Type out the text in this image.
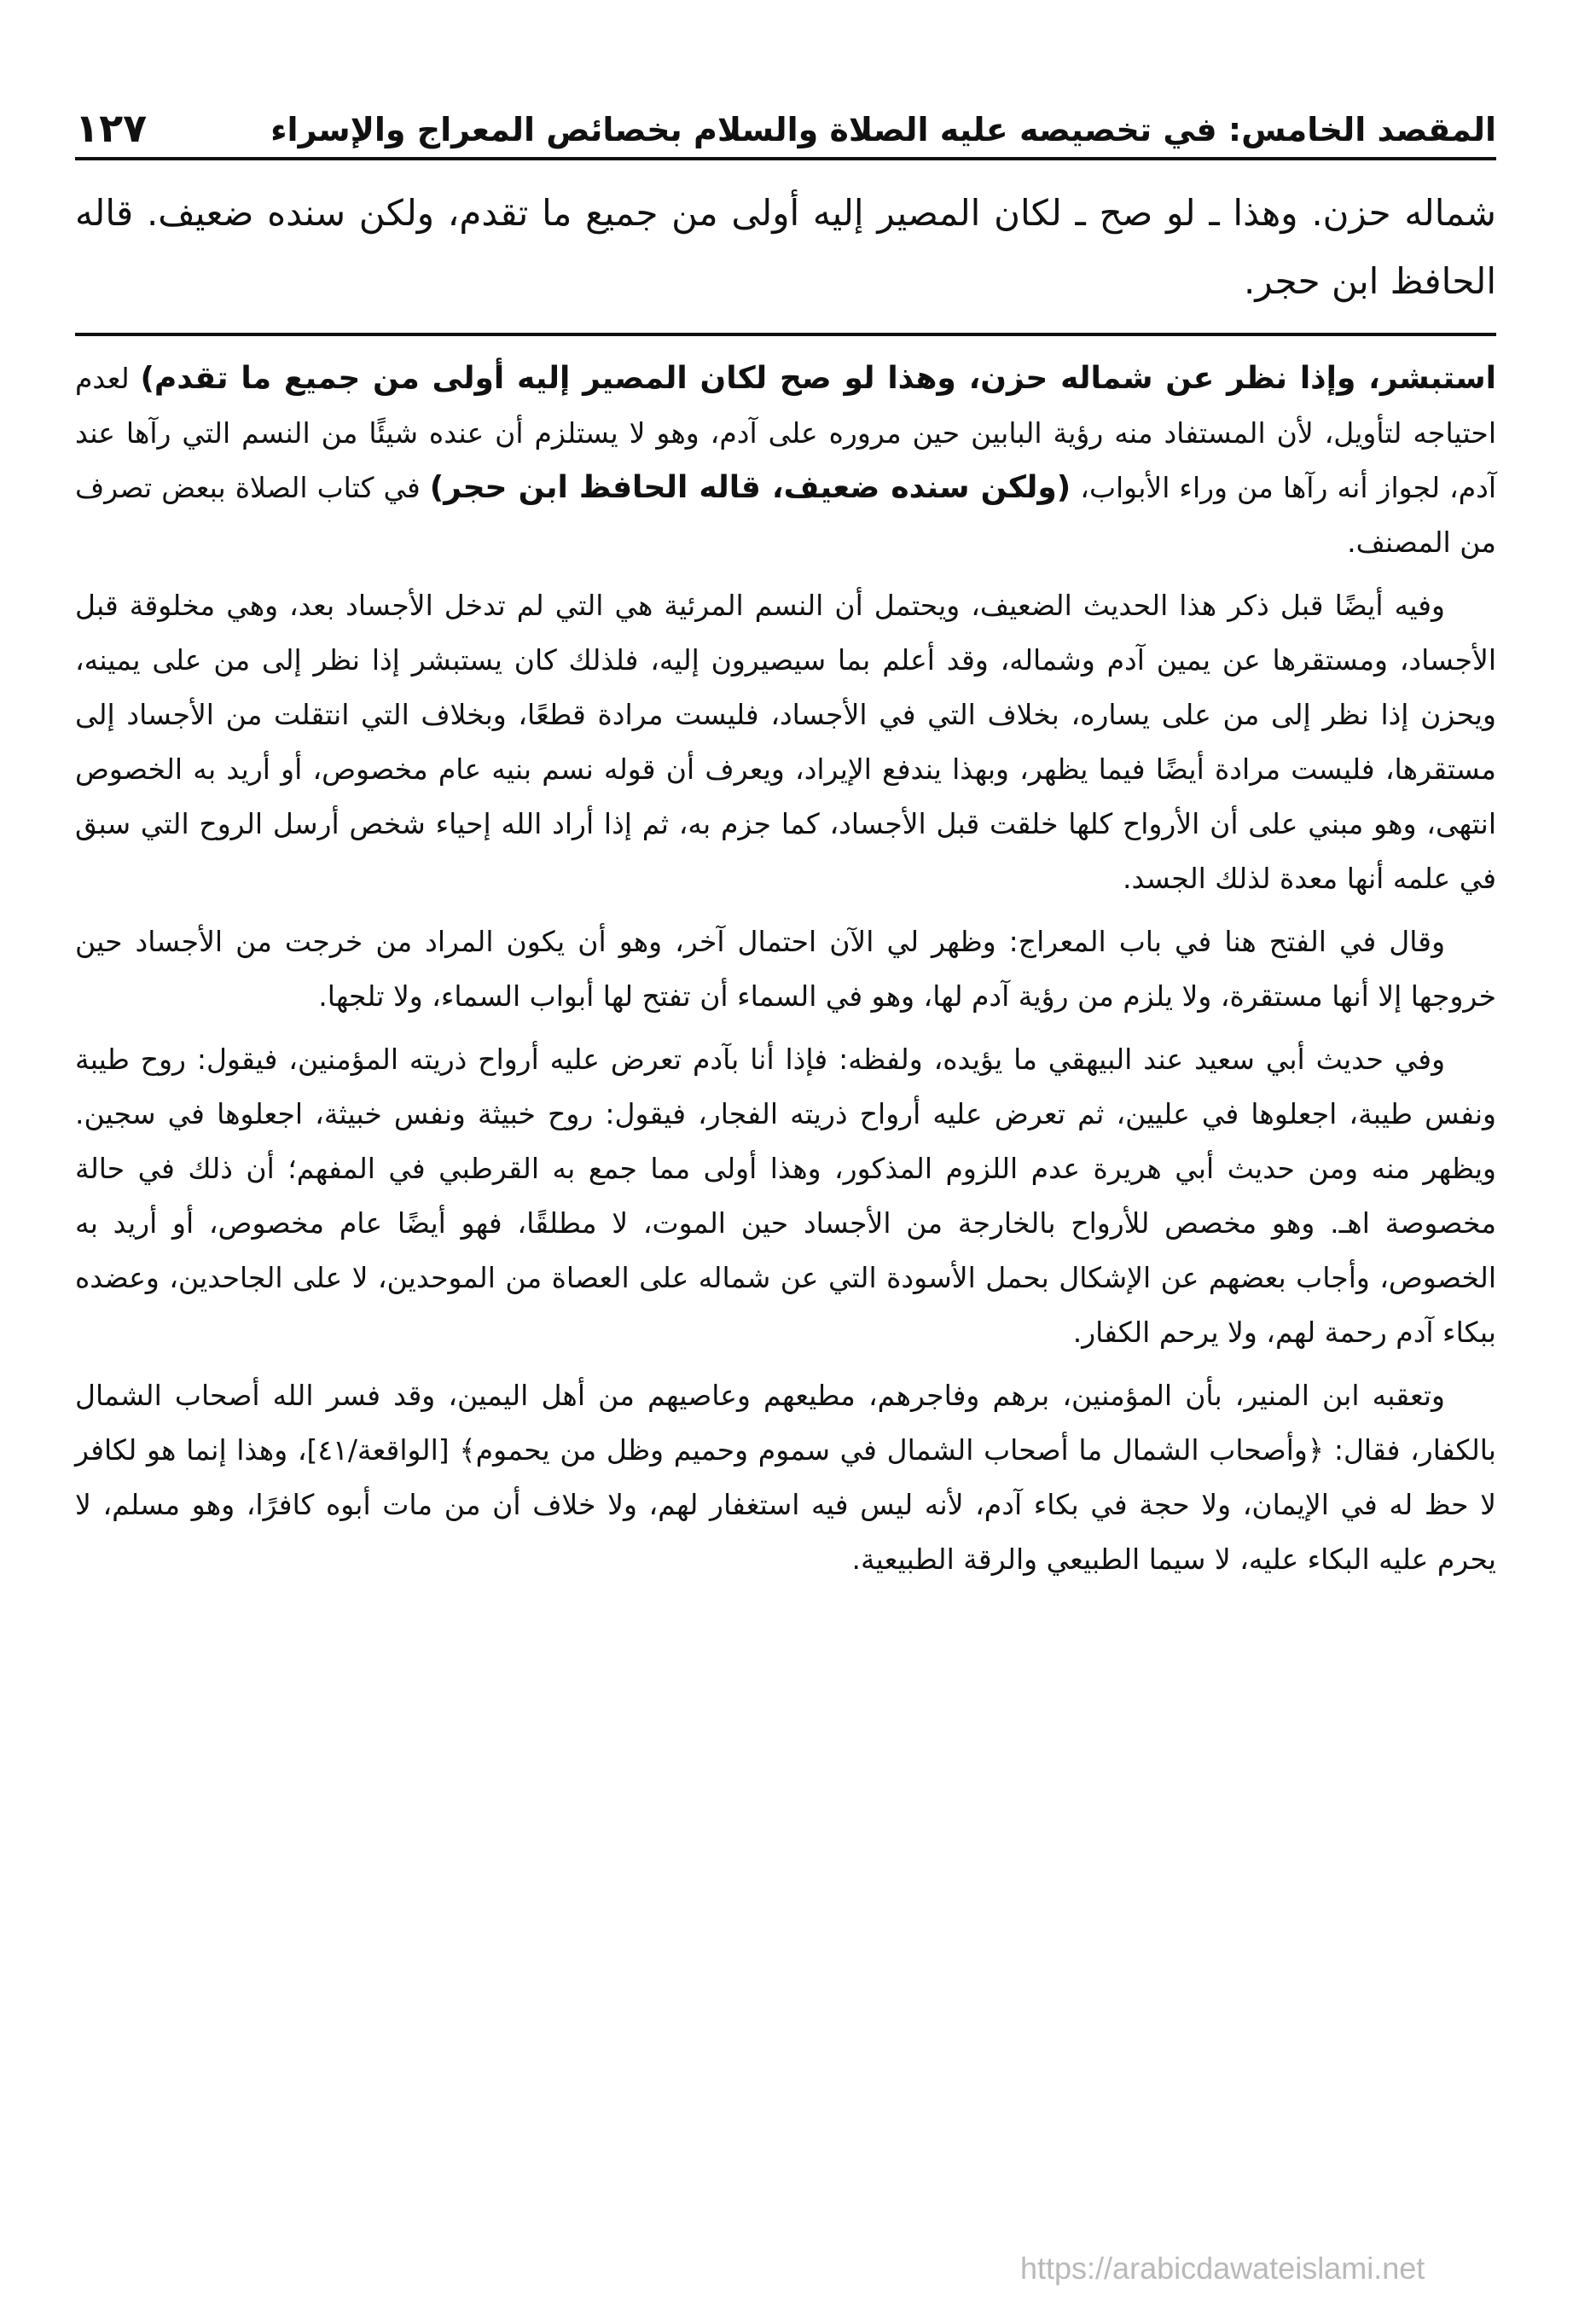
المقصد الخامس: في تخصيصه عليه الصلاة والسلام بخصائص المعراج والإسراء
١٢٧
شماله حزن. وهذا ـ لو صح ـ لكان المصير إليه أولى من جميع ما تقدم، ولكن سنده ضعيف. قاله الحافظ ابن حجر.

استبشر، وإذا نظر عن شماله حزن، وهذا لو صح لكان المصير إليه أولى من جميع ما تقدم) لعدم احتياجه لتأويل، لأن المستفاد منه رؤية البابين حين مروره على آدم، وهو لا يستلزم أن عنده شيئًا من النسم التي رآها عند آدم، لجواز أنه رآها من وراء الأبواب، (ولكن سنده ضعيف، قاله الحافظ ابن حجر) في كتاب الصلاة ببعض تصرف من المصنف.

وفيه أيضًا قبل ذكر هذا الحديث الضعيف، ويحتمل أن النسم المرئية هي التي لم تدخل الأجساد بعد، وهي مخلوقة قبل الأجساد، ومستقرها عن يمين آدم وشماله، وقد أعلم بما سيصيرون إليه، فلذلك كان يستبشر إذا نظر إلى من على يمينه، ويحزن إذا نظر إلى من على يساره، بخلاف التي في الأجساد، فليست مرادة قطعًا، وبخلاف التي انتقلت من الأجساد إلى مستقرها، فليست مرادة أيضًا فيما يظهر، وبهذا يندفع الإيراد، ويعرف أن قوله نسم بنيه عام مخصوص، أو أريد به الخصوص انتهى، وهو مبني على أن الأرواح كلها خلقت قبل الأجساد، كما جزم به، ثم إذا أراد الله إحياء شخص أرسل الروح التي سبق في علمه أنها معدة لذلك الجسد.

وقال في الفتح هنا في باب المعراج: وظهر لي الآن احتمال آخر، وهو أن يكون المراد من خرجت من الأجساد حين خروجها إلا أنها مستقرة، ولا يلزم من رؤية آدم لها، وهو في السماء أن تفتح لها أبواب السماء، ولا تلجها.

وفي حديث أبي سعيد عند البيهقي ما يؤيده، ولفظه: فإذا أنا بآدم تعرض عليه أرواح ذريته المؤمنين، فيقول: روح طيبة ونفس طيبة، اجعلوها في عليين، ثم تعرض عليه أرواح ذريته الفجار، فيقول: روح خبيثة ونفس خبيثة، اجعلوها في سجين. ويظهر منه ومن حديث أبي هريرة عدم اللزوم المذكور، وهذا أولى مما جمع به القرطبي في المفهم؛ أن ذلك في حالة مخصوصة اهـ. وهو مخصص للأرواح بالخارجة من الأجساد حين الموت، لا مطلقًا، فهو أيضًا عام مخصوص، أو أريد به الخصوص، وأجاب بعضهم عن الإشكال بحمل الأسودة التي عن شماله على العصاة من الموحدين، لا على الجاحدين، وعضده ببكاء آدم رحمة لهم، ولا يرحم الكفار.

وتعقبه ابن المنير، بأن المؤمنين، برهم وفاجرهم، مطيعهم وعاصيهم من أهل اليمين، وقد فسر الله أصحاب الشمال بالكفار، فقال: ﴿وأصحاب الشمال ما أصحاب الشمال في سموم وحميم وظل من يحموم﴾ [الواقعة/٤١]، وهذا إنما هو لكافر لا حظ له في الإيمان، ولا حجة في بكاء آدم، لأنه ليس فيه استغفار لهم، ولا خلاف أن من مات أبوه كافرًا، وهو مسلم، لا يحرم عليه البكاء عليه، لا سيما الطبيعي والرقة الطبيعية.

https://arabicdawateislami.net
